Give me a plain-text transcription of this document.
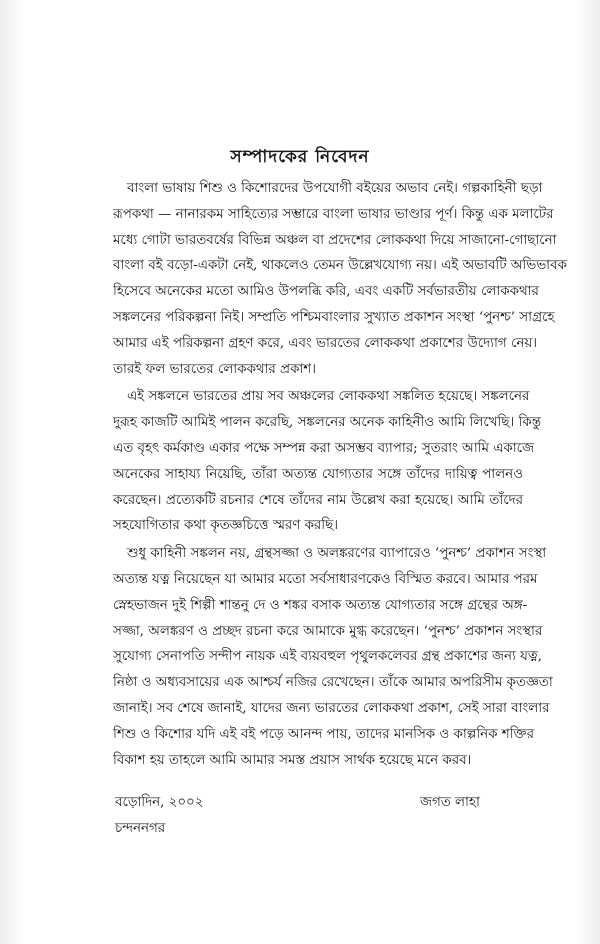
সম্পাদকের নিবেদন
বাংলা ভাষায় শিশু ও কিশোরদের উপযোগী বইয়ের অভাব নেই। গল্পকাহিনী ছড়া
রূপকথা — নানারকম সাহিত্যের সম্ভারে বাংলা ভাষার ভাণ্ডার পূর্ণ। কিন্তু এক মলাটের
মধ্যে গোটা ভারতবর্ষের বিভিন্ন অঞ্চল বা প্রদেশের লোককথা দিয়ে সাজানো-গোছানো
বাংলা বই বড়ো-একটা নেই, থাকলেও তেমন উল্লেখযোগ্য নয়। এই অভাবটি অভিভাবক
হিসেবে অনেকের মতো আমিও উপলব্ধি করি, এবং একটি সর্বভারতীয় লোককথার
সঙ্কলনের পরিকল্পনা নিই। সম্প্রতি পশ্চিমবাংলার সুখ্যাত প্রকাশন সংস্থা ‘পুনশ্চ’ সাগ্রহে
আমার এই পরিকল্পনা গ্রহণ করে, এবং ভারতের লোককথা প্রকাশের উদ্যোগ নেয়।
তারই ফল ভারতের লোককথার প্রকাশ।
এই সঙ্কলনে ভারতের প্রায় সব অঞ্চলের লোককথা সঙ্কলিত হয়েছে। সঙ্কলনের
দুরূহ কাজটি আমিই পালন করেছি, সঙ্কলনের অনেক কাহিনীও আমি লিখেছি। কিন্তু
এত বৃহৎ কর্মকাণ্ড একার পক্ষে সম্পন্ন করা অসম্ভব ব্যাপার; সুতরাং আমি একাজে
অনেকের সাহায্য নিয়েছি, তাঁরা অত্যন্ত যোগ্যতার সঙ্গে তাঁদের দায়িত্ব পালনও
করেছেন। প্রত্যেকটি রচনার শেষে তাঁদের নাম উল্লেখ করা হয়েছে। আমি তাঁদের
সহযোগিতার কথা কৃতজ্ঞচিত্তে স্মরণ করছি।
শুধু কাহিনী সঙ্কলন নয়, গ্রন্থসজ্জা ও অলঙ্করণের ব্যাপারেও ‘পুনশ্চ’ প্রকাশন সংস্থা
অত্যন্ত যত্ন নিয়েছেন যা আমার মতো সর্বসাধারণকেও বিস্মিত করবে। আমার পরম
স্নেহভাজন দুই শিল্পী শান্তনু দে ও শঙ্কর বসাক অত্যন্ত যোগ্যতার সঙ্গে গ্রন্থের অঙ্গ-
সজ্জা, অলঙ্করণ ও প্রচ্ছদ রচনা করে আমাকে মুগ্ধ করেছেন। ‘পুনশ্চ’ প্রকাশন সংস্থার
সুযোগ্য সেনাপতি সন্দীপ নায়ক এই ব্যয়বহুল পৃথুলকলেবর গ্রন্থ প্রকাশের জন্য যত্ন,
নিষ্ঠা ও অধ্যবসায়ের এক আশ্চর্য নজির রেখেছেন। তাঁকে আমার অপরিসীম কৃতজ্ঞতা
জানাই। সব শেষে জানাই, যাদের জন্য ভারতের লোককথা প্রকাশ, সেই সারা বাংলার
শিশু ও কিশোর যদি এই বই পড়ে আনন্দ পায়, তাদের মানসিক ও কাল্পনিক শক্তির
বিকাশ হয় তাহলে আমি আমার সমস্ত প্রয়াস সার্থক হয়েছে মনে করব।
বড়োদিন, ২০০২
চন্দননগর
জগত লাহা
